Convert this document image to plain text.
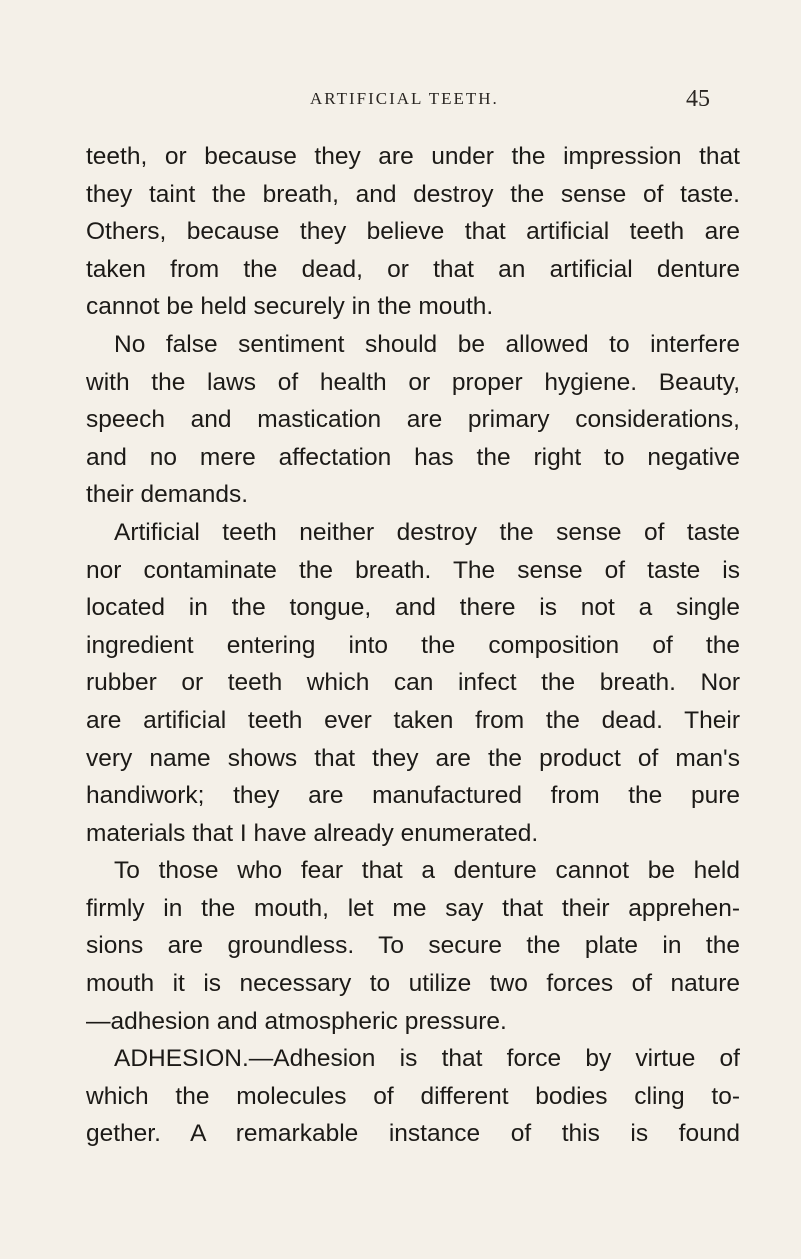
ARTIFICIAL TEETH.	45
teeth, or because they are under the impression that
they taint the breath, and destroy the sense of taste.
Others, because they believe that artificial teeth are
taken from the dead, or that an artificial denture
cannot be held securely in the mouth.
No false sentiment should be allowed to interfere
with the laws of health or proper hygiene. Beauty,
speech and mastication are primary considerations,
and no mere affectation has the right to negative
their demands.
Artificial teeth neither destroy the sense of taste
nor contaminate the breath. The sense of taste is
located in the tongue, and there is not a single
ingredient entering into the composition of the
rubber or teeth which can infect the breath. Nor
are artificial teeth ever taken from the dead. Their
very name shows that they are the product of man's
handiwork; they are manufactured from the pure
materials that I have already enumerated.
To those who fear that a denture cannot be held
firmly in the mouth, let me say that their apprehen-
sions are groundless. To secure the plate in the
mouth it is necessary to utilize two forces of nature
—adhesion and atmospheric pressure.
ADHESION.—Adhesion is that force by virtue of
which the molecules of different bodies cling to-
gether. A remarkable instance of this is found
